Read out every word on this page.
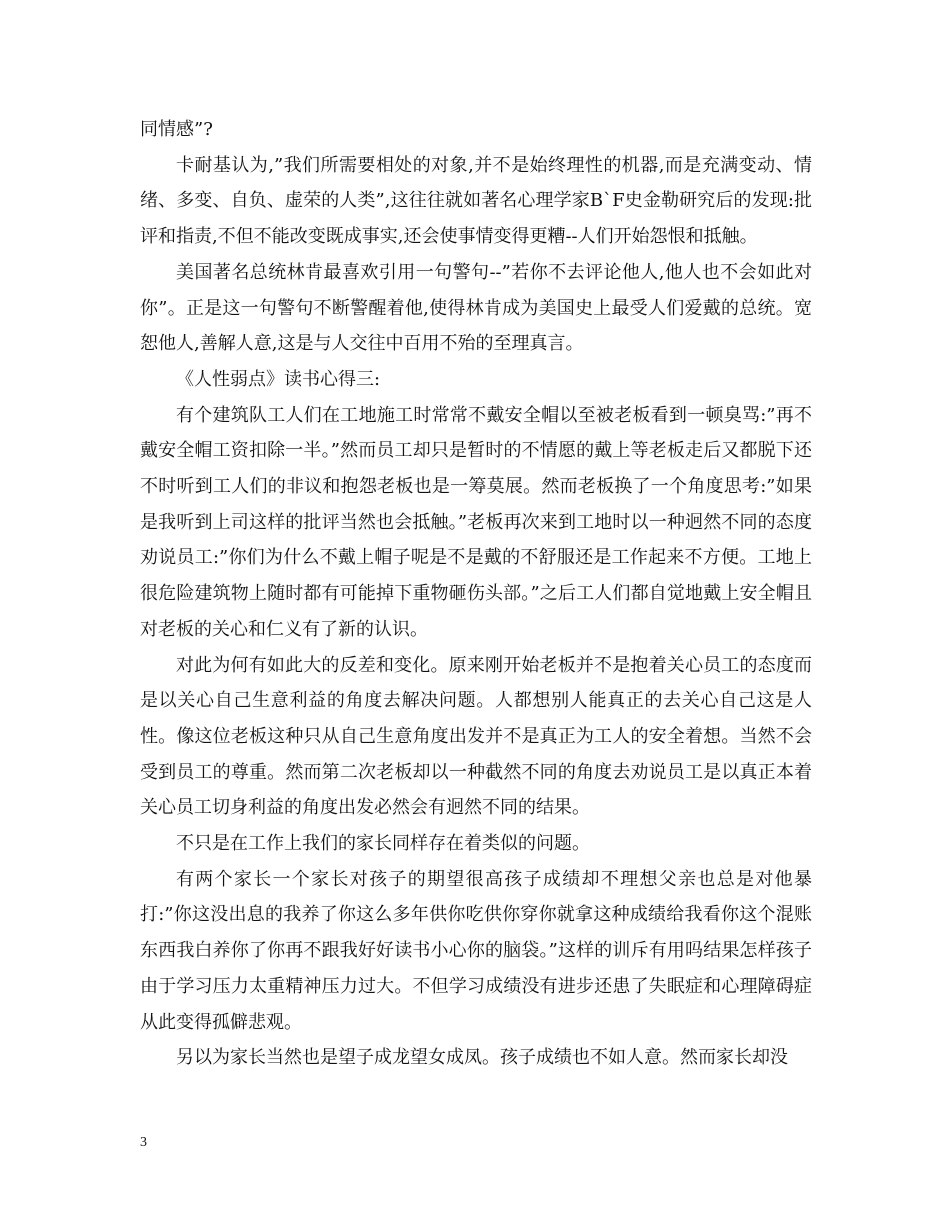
同情感”?

卡耐基认为,”我们所需要相处的对象,并不是始终理性的机器,而是充满变动、情绪、多变、自负、虚荣的人类”,这往往就如著名心理学家B`F史金勒研究后的发现:批评和指责,不但不能改变既成事实,还会使事情变得更糟--人们开始怨恨和抵触。

美国著名总统林肯最喜欢引用一句警句--”若你不去评论他人,他人也不会如此对你”。正是这一句警句不断警醒着他,使得林肯成为美国史上最受人们爱戴的总统。宽恕他人,善解人意,这是与人交往中百用不殆的至理真言。

《人性弱点》读书心得三:

有个建筑队工人们在工地施工时常常不戴安全帽以至被老板看到一顿臭骂:”再不戴安全帽工资扣除一半。”然而员工却只是暂时的不情愿的戴上等老板走后又都脱下还不时听到工人们的非议和抱怨老板也是一筹莫展。然而老板换了一个角度思考:”如果是我听到上司这样的批评当然也会抵触。”老板再次来到工地时以一种迥然不同的态度劝说员工:”你们为什么不戴上帽子呢是不是戴的不舒服还是工作起来不方便。工地上很危险建筑物上随时都有可能掉下重物砸伤头部。”之后工人们都自觉地戴上安全帽且对老板的关心和仁义有了新的认识。

对此为何有如此大的反差和变化。原来刚开始老板并不是抱着关心员工的态度而是以关心自己生意利益的角度去解决问题。人都想别人能真正的去关心自己这是人性。像这位老板这种只从自己生意角度出发并不是真正为工人的安全着想。当然不会受到员工的尊重。然而第二次老板却以一种截然不同的角度去劝说员工是以真正本着关心员工切身利益的角度出发必然会有迥然不同的结果。

不只是在工作上我们的家长同样存在着类似的问题。

有两个家长一个家长对孩子的期望很高孩子成绩却不理想父亲也总是对他暴打:”你这没出息的我养了你这么多年供你吃供你穿你就拿这种成绩给我看你这个混账东西我白养你了你再不跟我好好读书小心你的脑袋。”这样的训斥有用吗结果怎样孩子由于学习压力太重精神压力过大。不但学习成绩没有进步还患了失眠症和心理障碍症从此变得孤僻悲观。

另以为家长当然也是望子成龙望女成凤。孩子成绩也不如人意。然而家长却没

3
